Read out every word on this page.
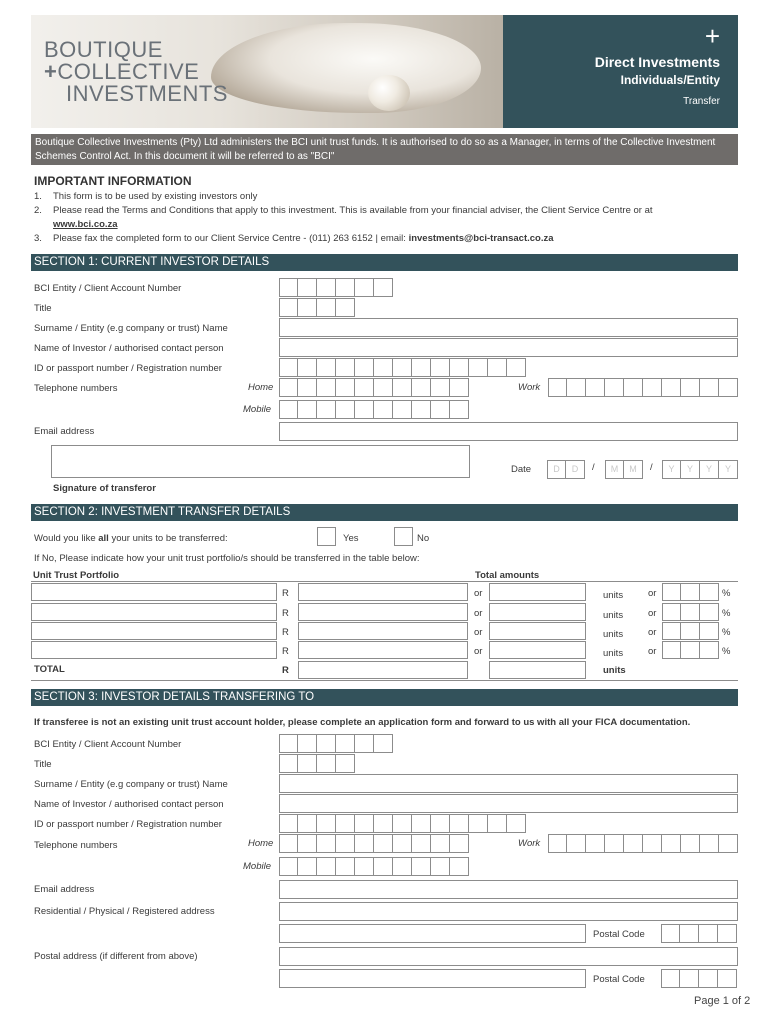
BOUTIQUE
+COLLECTIVE
INVESTMENTS
+
Direct Investments
Individuals/Entity
Transfer
Boutique Collective Investments (Pty) Ltd administers the BCI unit trust funds. It is authorised to do so as a Manager, in terms of the Collective Investment Schemes Control Act. In this document it will be referred to as "BCI"
IMPORTANT INFORMATION
1. This form is to be used by existing investors only
2. Please read the Terms and Conditions that apply to this investment. This is available from your financial adviser, the Client Service Centre or at
www.bci.co.za
3. Please fax the completed form to our Client Service Centre - (011) 263 6152 | email: investments@bci-transact.co.za
SECTION 1: CURRENT INVESTOR DETAILS
BCI Entity / Client Account Number
Title
Surname / Entity (e.g company or trust) Name
Name of Investor / authorised contact person
ID or passport number / Registration number
Telephone numbers	Home	Work
Mobile
Email address
Date	D	D	/	M	M	/	Y	Y	Y	Y
Signature of transferor
SECTION 2: INVESTMENT TRANSFER DETAILS
Would you like all your units to be transferred:	Yes	No
If No, Please indicate how your unit trust portfolio/s should be transferred in the table below:
Unit Trust Portfolio	Total amounts
R	or	units	or	%
R	or	units	or	%
R	or	units	or	%
R	or	units	or	%
TOTAL	R	units
SECTION 3: INVESTOR DETAILS TRANSFERING TO
If transferee is not an existing unit trust account holder, please complete an application form and forward to us with all your FICA documentation.
BCI Entity / Client Account Number
Title
Surname / Entity (e.g company or trust) Name
Name of Investor / authorised contact person
ID or passport number / Registration number
Telephone numbers	Home	Work
Mobile
Email address
Residential / Physical / Registered address
Postal Code
Postal address (if different from above)
Postal Code
Page 1 of 2
